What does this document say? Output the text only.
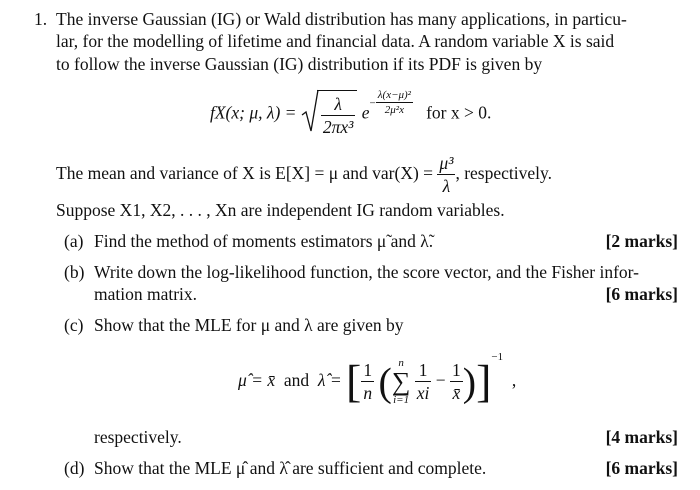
1. The inverse Gaussian (IG) or Wald distribution has many applications, in particu-
lar, for the modelling of lifetime and financial data. A random variable X is said
to follow the inverse Gaussian (IG) distribution if its PDF is given by
fX(x; μ, $\lambda) = \frac{\lambda}{\text{2πx³}} e- \frac{\text{λ(x−μ)²}}{\text{2μ²x}}$ for x > 0.
The mean and variance of X is E[X] = μ and $var(X) = \frac{\text{μ³}}{\lambda}$ , respectively.
Suppose X1, X2, . . . , Xn are independent IG random variables.
(a) Find the method of moments estimators μ̃ and λ̃.	[2 marks]
(b) Write down the log-likelihood function, the score vector, and the Fisher infor-
mation matrix.	[6 marks]
(c) Show that the MLE for μ and λ are given by
μ̂ = x̄ and λ̂ = [ $\frac{1}{n}$ ( n
∑
i=1
$\frac{1}{xi} - \frac{1}{x̄} )]^{-1}$  ,
respectively.	[4 marks]
(d) Show that the MLE μ̂ and λ̂ are sufficient and complete.	[6 marks]
